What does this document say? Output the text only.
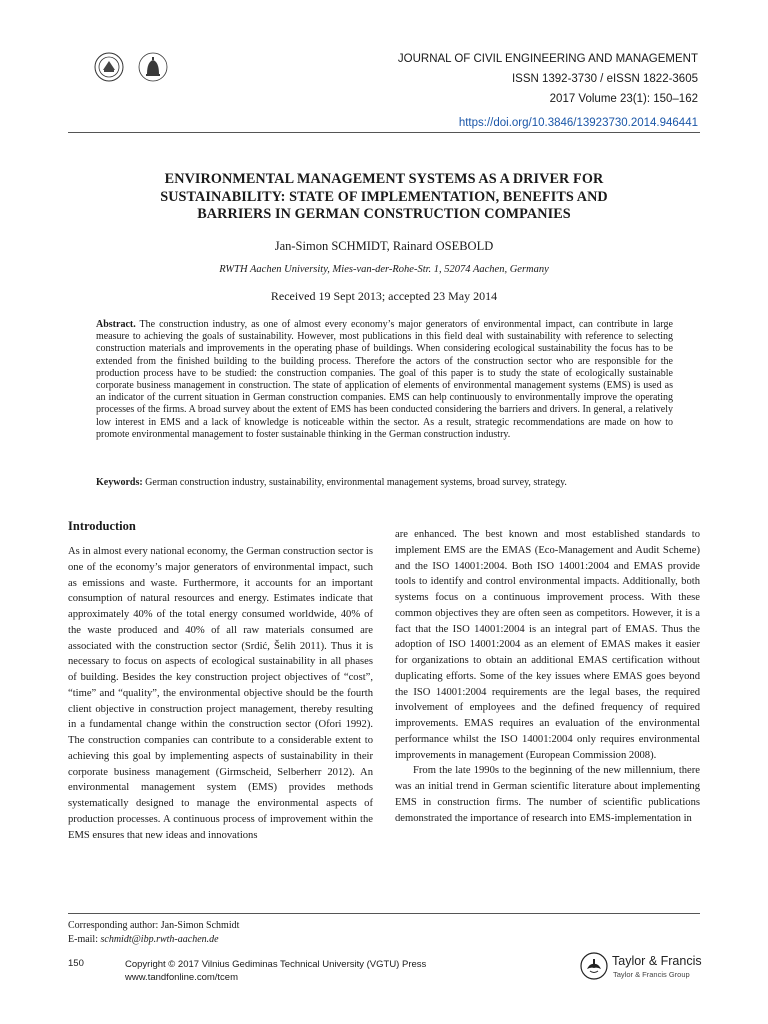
JOURNAL OF CIVIL ENGINEERING AND MANAGEMENT
ISSN 1392-3730 / eISSN 1822-3605
2017 Volume 23(1): 150–162
https://doi.org/10.3846/13923730.2014.946441
ENVIRONMENTAL MANAGEMENT SYSTEMS AS A DRIVER FOR
SUSTAINABILITY: STATE OF IMPLEMENTATION, BENEFITS AND
BARRIERS IN GERMAN CONSTRUCTION COMPANIES
Jan-Simon SCHMIDT, Rainard OSEBOLD
RWTH Aachen University, Mies-van-der-Rohe-Str. 1, 52074 Aachen, Germany
Received 19 Sept 2013; accepted 23 May 2014
Abstract. The construction industry, as one of almost every economy’s major generators of environmental impact, can contribute in large measure to achieving the goals of sustainability. However, most publications in this field deal with sustainability with reference to selecting construction materials and improvements in the operating phase of buildings. When considering ecological sustainability the focus has to be extended from the finished building to the building process. Therefore the actors of the construction sector who are responsible for the production process have to be studied: the construction companies. The goal of this paper is to study the state of ecologically sustainable corporate business management in construction. The state of application of elements of environmental management systems (EMS) is used as an indicator of the current situation in German construction companies. EMS can help continuously to environmentally improve the operating processes of the firms. A broad survey about the extent of EMS has been conducted considering the barriers and drivers. In general, a relatively low interest in EMS and a lack of knowledge is noticeable within the sector. As a result, strategic recommendations are made on how to promote environmental management to foster sustainable thinking in the German construction industry.
Keywords: German construction industry, sustainability, environmental management systems, broad survey, strategy.
Introduction

As in almost every national economy, the German construction sector is one of the economy’s major generators of environmental impact, such as emissions and waste. Furthermore, it accounts for an important consumption of natural resources and energy. Estimates indicate that approximately 40% of the total energy consumed worldwide, 40% of the waste produced and 40% of all raw materials consumed are associated with the construction sector (Srdić, Šelih 2011). Thus it is necessary to focus on aspects of ecological sustainability in all phases of building. Besides the key construction project objectives of “cost”, “time” and “quality”, the environmental objective should be the fourth client objective in construction project management, thereby resulting in a fundamental change within the construction sector (Ofori 1992). The construction companies can contribute to a considerable extent to achieving this goal by implementing aspects of sustainability in their corporate business management (Girmscheid, Selberherr 2012). An environmental management system (EMS) provides methods systematically designed to manage the environmental aspects of production processes. A continuous process of improvement within the EMS ensures that new ideas and innovations

are enhanced. The best known and most established standards to implement EMS are the EMAS (Eco-Management and Audit Scheme) and the ISO 14001:2004. Both ISO 14001:2004 and EMAS provide tools to identify and control environmental impacts. Additionally, both systems focus on a continuous improvement process. With these common objectives they are often seen as competitors. However, it is a fact that the ISO 14001:2004 is an integral part of EMAS. Thus the adoption of ISO 14001:2004 as an element of EMAS makes it easier for organizations to obtain an additional EMAS certification without duplicating efforts. Some of the key issues where EMAS goes beyond the ISO 14001:2004 requirements are the legal bases, the required involvement of employees and the defined frequency of required improvements. EMAS requires an evaluation of the environmental performance whilst the ISO 14001:2004 only requires environmental improvements in management (European Commission 2008).

From the late 1990s to the beginning of the new millennium, there was an initial trend in German scientific literature about implementing EMS in construction firms. The number of scientific publications demonstrated the importance of research into EMS-implementation in

Corresponding author: Jan-Simon Schmidt
E-mail: schmidt@ibp.rwth-aachen.de
150	Copyright © 2017 Vilnius Gediminas Technical University (VGTU) Press
www.tandfonline.com/tcem
Taylor & Francis
Taylor & Francis Group
